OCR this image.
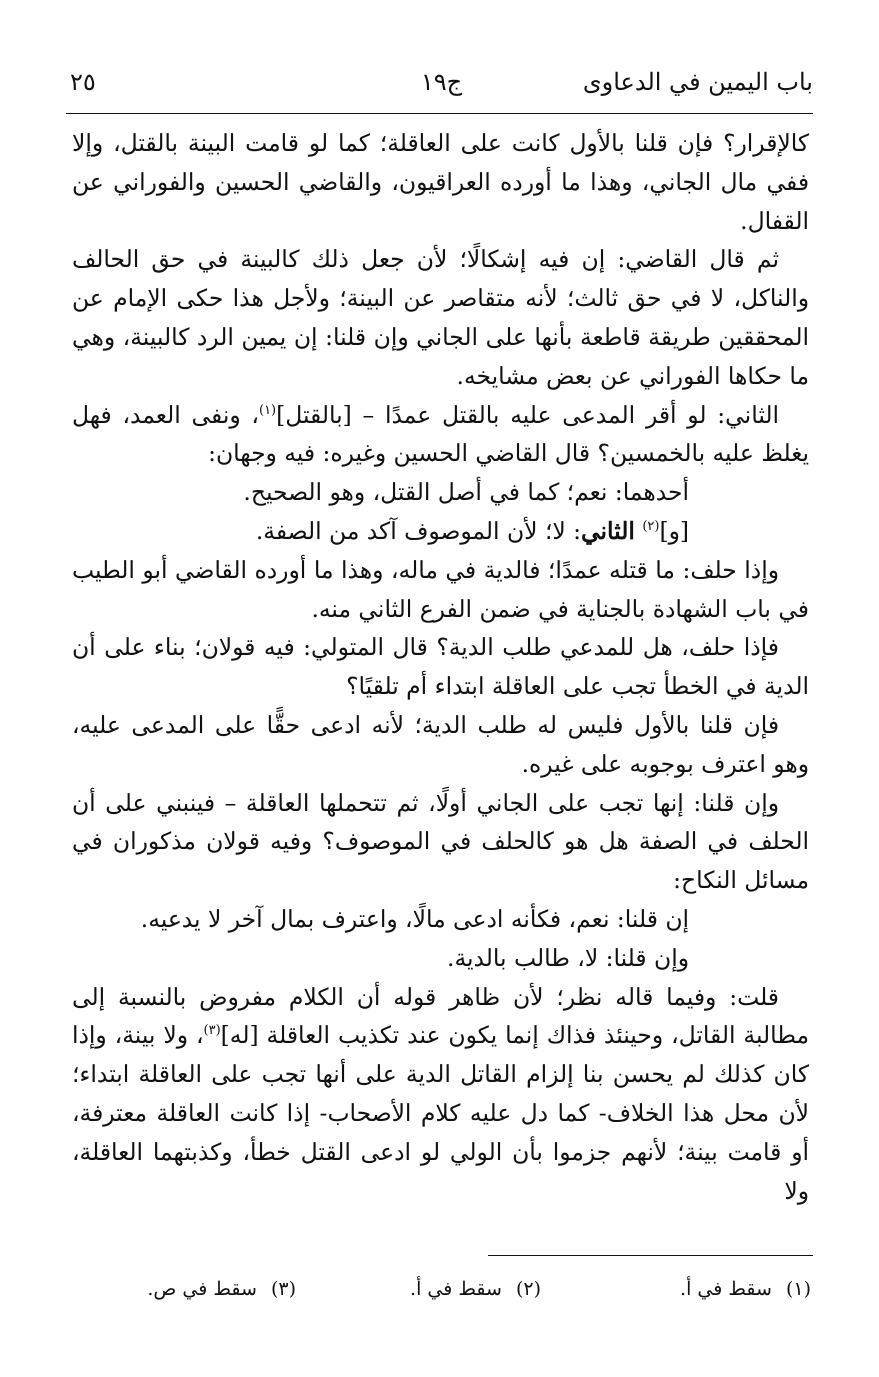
باب اليمين في الدعاوى
ج١٩
٢٥

كالإقرار؟ فإن قلنا بالأول كانت على العاقلة؛ كما لو قامت البينة بالقتل، وإلا ففي مال الجاني، وهذا ما أورده العراقيون، والقاضي الحسين والفوراني عن القفال.

ثم قال القاضي: إن فيه إشكالًا؛ لأن جعل ذلك كالبينة في حق الحالف والناكل، لا في حق ثالث؛ لأنه متقاصر عن البينة؛ ولأجل هذا حكى الإمام عن المحققين طريقة قاطعة بأنها على الجاني وإن قلنا: إن يمين الرد كالبينة، وهي ما حكاها الفوراني عن بعض مشايخه.

الثاني: لو أقر المدعى عليه بالقتل عمدًا – [بالقتل]$^{(١)}$، ونفى العمد، فهل يغلظ عليه بالخمسين؟ قال القاضي الحسين وغيره: فيه وجهان:

أحدهما: نعم؛ كما في أصل القتل، وهو الصحيح.

[و]$^{(٢)}$ الثاني: لا؛ لأن الموصوف آكد من الصفة.

وإذا حلف: ما قتله عمدًا؛ فالدية في ماله، وهذا ما أورده القاضي أبو الطيب في باب الشهادة بالجناية في ضمن الفرع الثاني منه.

فإذا حلف، هل للمدعي طلب الدية؟ قال المتولي: فيه قولان؛ بناء على أن الدية في الخطأ تجب على العاقلة ابتداء أم تلقيًا؟

فإن قلنا بالأول فليس له طلب الدية؛ لأنه ادعى حقًّا على المدعى عليه، وهو اعترف بوجوبه على غيره.

وإن قلنا: إنها تجب على الجاني أولًا، ثم تتحملها العاقلة – فينبني على أن الحلف في الصفة هل هو كالحلف في الموصوف؟ وفيه قولان مذكوران في مسائل النكاح:

إن قلنا: نعم، فكأنه ادعى مالًا، واعترف بمال آخر لا يدعيه.

وإن قلنا: لا، طالب بالدية.

قلت: وفيما قاله نظر؛ لأن ظاهر قوله أن الكلام مفروض بالنسبة إلى مطالبة القاتل، وحينئذ فذاك إنما يكون عند تكذيب العاقلة [له]$^{(٣)}$، ولا بينة، وإذا كان كذلك لم يحسن بنا إلزام القاتل الدية على أنها تجب على العاقلة ابتداء؛ لأن محل هذا الخلاف- كما دل عليه كلام الأصحاب- إذا كانت العاقلة معترفة، أو قامت بينة؛ لأنهم جزموا بأن الولي لو ادعى القتل خطأ، وكذبتهما العاقلة، ولا

(١)سقط في أ.
(٢)سقط في أ.
(٣)سقط في ص.
